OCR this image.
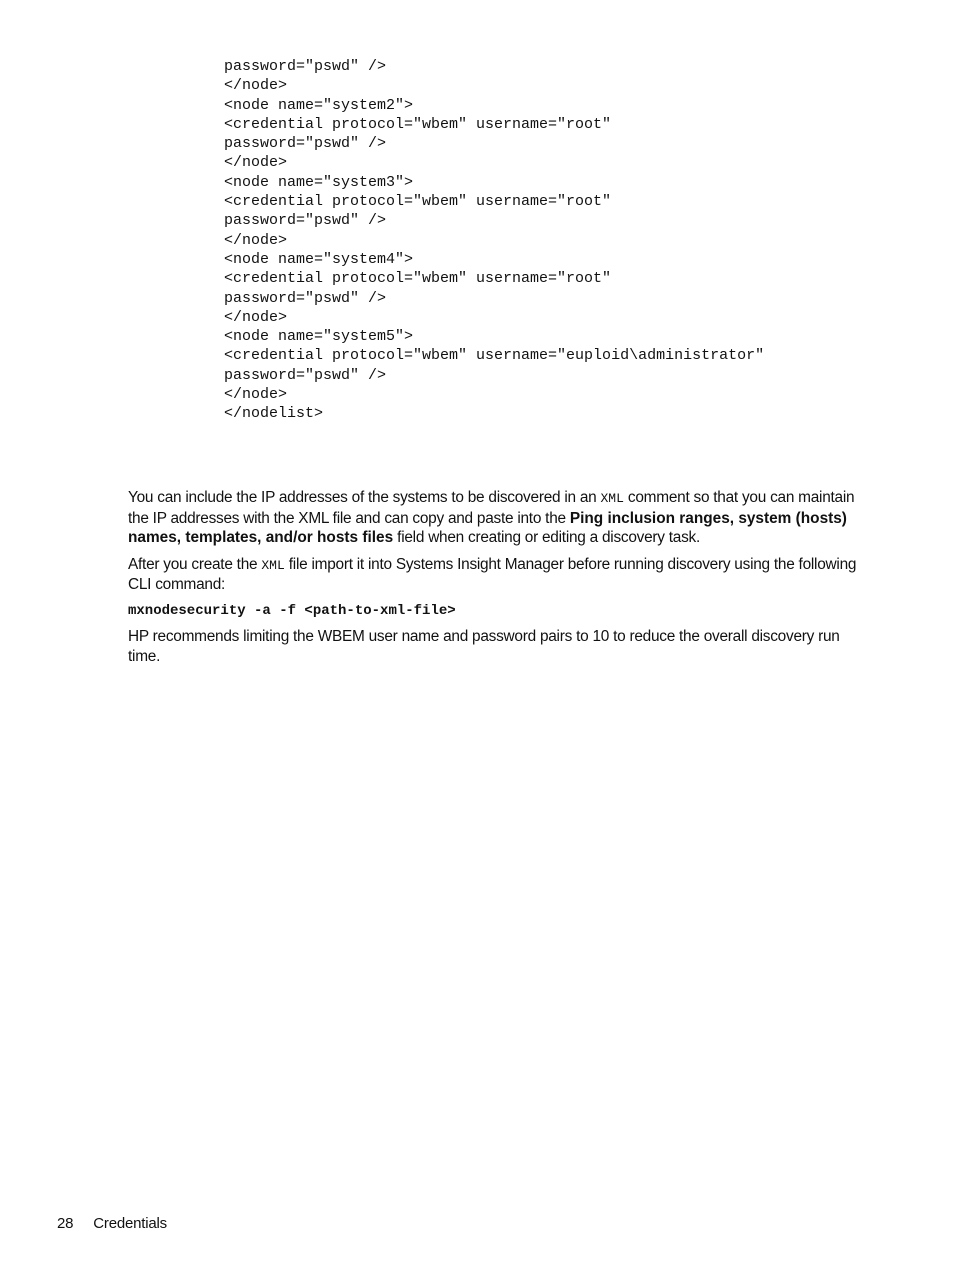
password="pswd" />
</node>
<node name="system2">
<credential protocol="wbem" username="root"
password="pswd" />
</node>
<node name="system3">
<credential protocol="wbem" username="root"
password="pswd" />
</node>
<node name="system4">
<credential protocol="wbem" username="root"
password="pswd" />
</node>
<node name="system5">
<credential protocol="wbem" username="euploid\administrator"
password="pswd" />
</node>
</nodelist>

You can include the IP addresses of the systems to be discovered in an XML comment so that you can maintain the IP addresses with the XML file and can copy and paste into the Ping inclusion ranges, system (hosts) names, templates, and/or hosts files field when creating or editing a discovery task.

After you create the XML file import it into Systems Insight Manager before running discovery using the following CLI command:

mxnodesecurity -a -f <path-to-xml-file>

HP recommends limiting the WBEM user name and password pairs to 10 to reduce the overall discovery run time.

28 Credentials
